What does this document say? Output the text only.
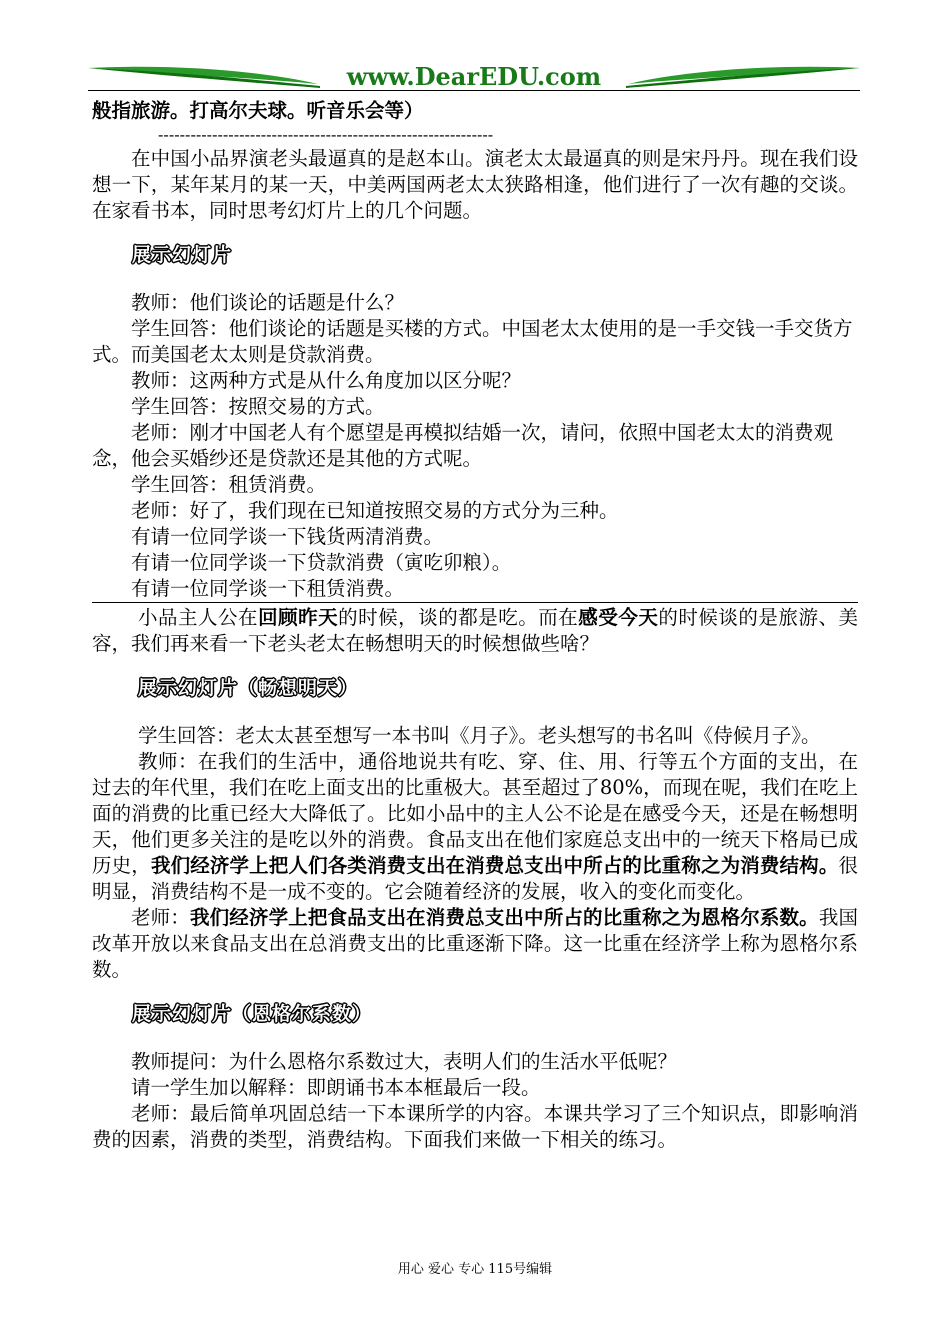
www.DearEDU.com
般指旅游。打高尔夫球。听音乐会等）
--------------------------------------------------------------

在中国小品界演老头最逼真的是赵本山。演老太太最逼真的则是宋丹丹。现在我们设想一下，某年某月的某一天，中美两国两老太太狭路相逢，他们进行了一次有趣的交谈。在家看书本，同时思考幻灯片上的几个问题。

展示幻灯片

教师：他们谈论的话题是什么？

学生回答：他们谈论的话题是买楼的方式。中国老太太使用的是一手交钱一手交货方式。而美国老太太则是贷款消费。

教师：这两种方式是从什么角度加以区分呢？

学生回答：按照交易的方式。

老师：刚才中国老人有个愿望是再模拟结婚一次，请问，依照中国老太太的消费观念，他会买婚纱还是贷款还是其他的方式呢。

学生回答：租赁消费。

老师：好了，我们现在已知道按照交易的方式分为三种。

有请一位同学谈一下钱货两清消费。

有请一位同学谈一下贷款消费（寅吃卯粮）。

有请一位同学谈一下租赁消费。

小品主人公在回顾昨天的时候，谈的都是吃。而在感受今天的时候谈的是旅游、美容，我们再来看一下老头老太在畅想明天的时候想做些啥？

展示幻灯片（畅想明天）

学生回答：老太太甚至想写一本书叫《月子》。老头想写的书名叫《侍候月子》。

教师：在我们的生活中，通俗地说共有吃、穿、住、用、行等五个方面的支出，在过去的年代里，我们在吃上面支出的比重极大。甚至超过了80%，而现在呢，我们在吃上面的消费的比重已经大大降低了。比如小品中的主人公不论是在感受今天，还是在畅想明天，他们更多关注的是吃以外的消费。食品支出在他们家庭总支出中的一统天下格局已成历史，我们经济学上把人们各类消费支出在消费总支出中所占的比重称之为消费结构。很明显，消费结构不是一成不变的。它会随着经济的发展，收入的变化而变化。

老师：我们经济学上把食品支出在消费总支出中所占的比重称之为恩格尔系数。我国改革开放以来食品支出在总消费支出的比重逐渐下降。这一比重在经济学上称为恩格尔系数。

展示幻灯片（恩格尔系数）

教师提问：为什么恩格尔系数过大，表明人们的生活水平低呢？

请一学生加以解释：即朗诵书本本框最后一段。

老师：最后简单巩固总结一下本课所学的内容。本课共学习了三个知识点，即影响消费的因素，消费的类型，消费结构。下面我们来做一下相关的练习。

用心 爱心 专心 115号编辑
